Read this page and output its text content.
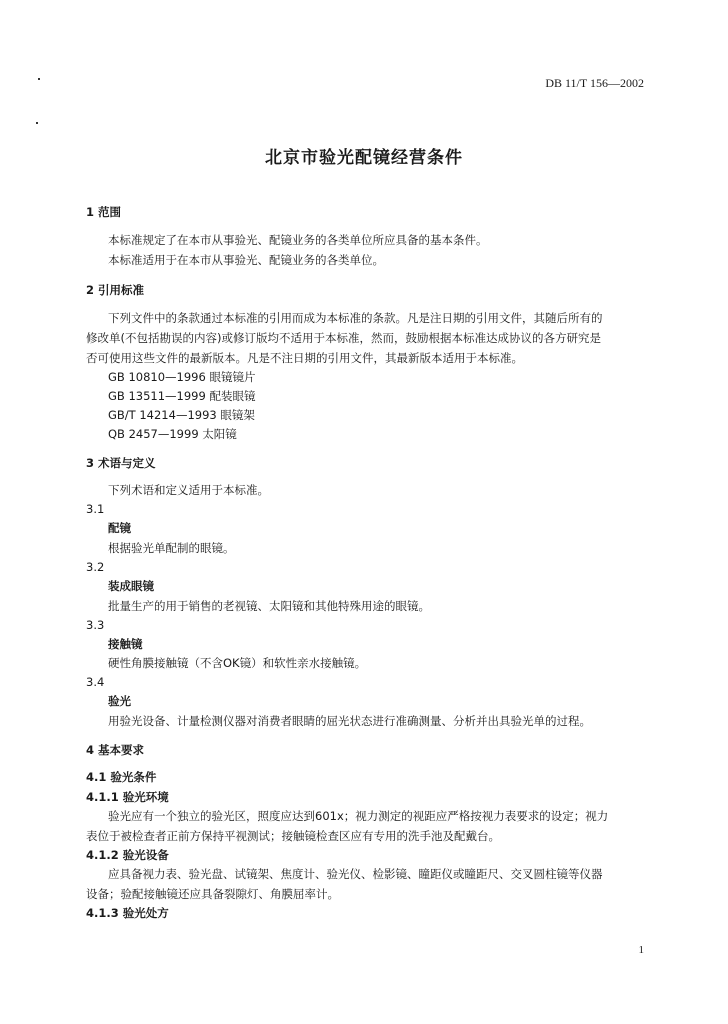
DB 11/T 156—2002
北京市验光配镜经营条件
1 范围
本标准规定了在本市从事验光、配镜业务的各类单位所应具备的基本条件。
本标准适用于在本市从事验光、配镜业务的各类单位。
2 引用标准
下列文件中的条款通过本标准的引用而成为本标准的条款。凡是注日期的引用文件，其随后所有的
修改单(不包括勘误的内容)或修订版均不适用于本标准，然而，鼓励根据本标准达成协议的各方研究是
否可使用这些文件的最新版本。凡是不注日期的引用文件，其最新版本适用于本标准。
GB 10810—1996 眼镜镜片
GB 13511—1999 配装眼镜
GB/T 14214—1993 眼镜架
QB 2457—1999 太阳镜
3 术语与定义
下列术语和定义适用于本标准。
3.1
配镜
根据验光单配制的眼镜。
3.2
装成眼镜
批量生产的用于销售的老视镜、太阳镜和其他特殊用途的眼镜。
3.3
接触镜
硬性角膜接触镜（不含OK镜）和软性亲水接触镜。
3.4
验光
用验光设备、计量检测仪器对消费者眼睛的屈光状态进行准确测量、分析并出具验光单的过程。
4 基本要求
4.1 验光条件
4.1.1 验光环境
验光应有一个独立的验光区，照度应达到601x；视力测定的视距应严格按视力表要求的设定；视力
表位于被检查者正前方保持平视测试；接触镜检查区应有专用的洗手池及配戴台。
4.1.2 验光设备
应具备视力表、验光盘、试镜架、焦度计、验光仪、检影镜、瞳距仪或瞳距尺、交叉圆柱镜等仪器
设备；验配接触镜还应具备裂隙灯、角膜屈率计。
4.1.3 验光处方
1
